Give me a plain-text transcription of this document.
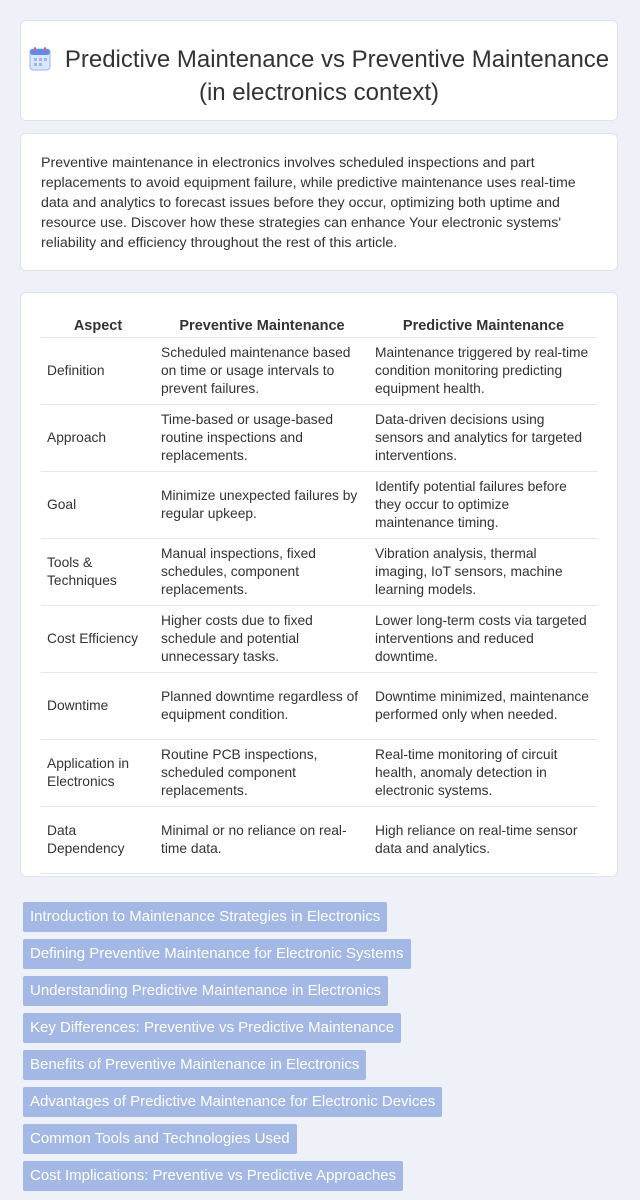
Predictive Maintenance vs Preventive Maintenance (in electronics context)
Preventive maintenance in electronics involves scheduled inspections and part replacements to avoid equipment failure, while predictive maintenance uses real-time data and analytics to forecast issues before they occur, optimizing both uptime and resource use. Discover how these strategies can enhance Your electronic systems' reliability and efficiency throughout the rest of this article.
Aspect	Preventive Maintenance	Predictive Maintenance
Definition	Scheduled maintenance based on time or usage intervals to prevent failures.	Maintenance triggered by real-time condition monitoring predicting equipment health.
Approach	Time-based or usage-based routine inspections and replacements.	Data-driven decisions using sensors and analytics for targeted interventions.
Goal	Minimize unexpected failures by regular upkeep.	Identify potential failures before they occur to optimize maintenance timing.
Tools & Techniques	Manual inspections, fixed schedules, component replacements.	Vibration analysis, thermal imaging, IoT sensors, machine learning models.
Cost Efficiency	Higher costs due to fixed schedule and potential unnecessary tasks.	Lower long-term costs via targeted interventions and reduced downtime.
Downtime	Planned downtime regardless of equipment condition.	Downtime minimized, maintenance performed only when needed.
Application in Electronics	Routine PCB inspections, scheduled component replacements.	Real-time monitoring of circuit health, anomaly detection in electronic systems.
Data Dependency	Minimal or no reliance on real-time data.	High reliance on real-time sensor data and analytics.
Introduction to Maintenance Strategies in Electronics
Defining Preventive Maintenance for Electronic Systems
Understanding Predictive Maintenance in Electronics
Key Differences: Preventive vs Predictive Maintenance
Benefits of Preventive Maintenance in Electronics
Advantages of Predictive Maintenance for Electronic Devices
Common Tools and Technologies Used
Cost Implications: Preventive vs Predictive Approaches
